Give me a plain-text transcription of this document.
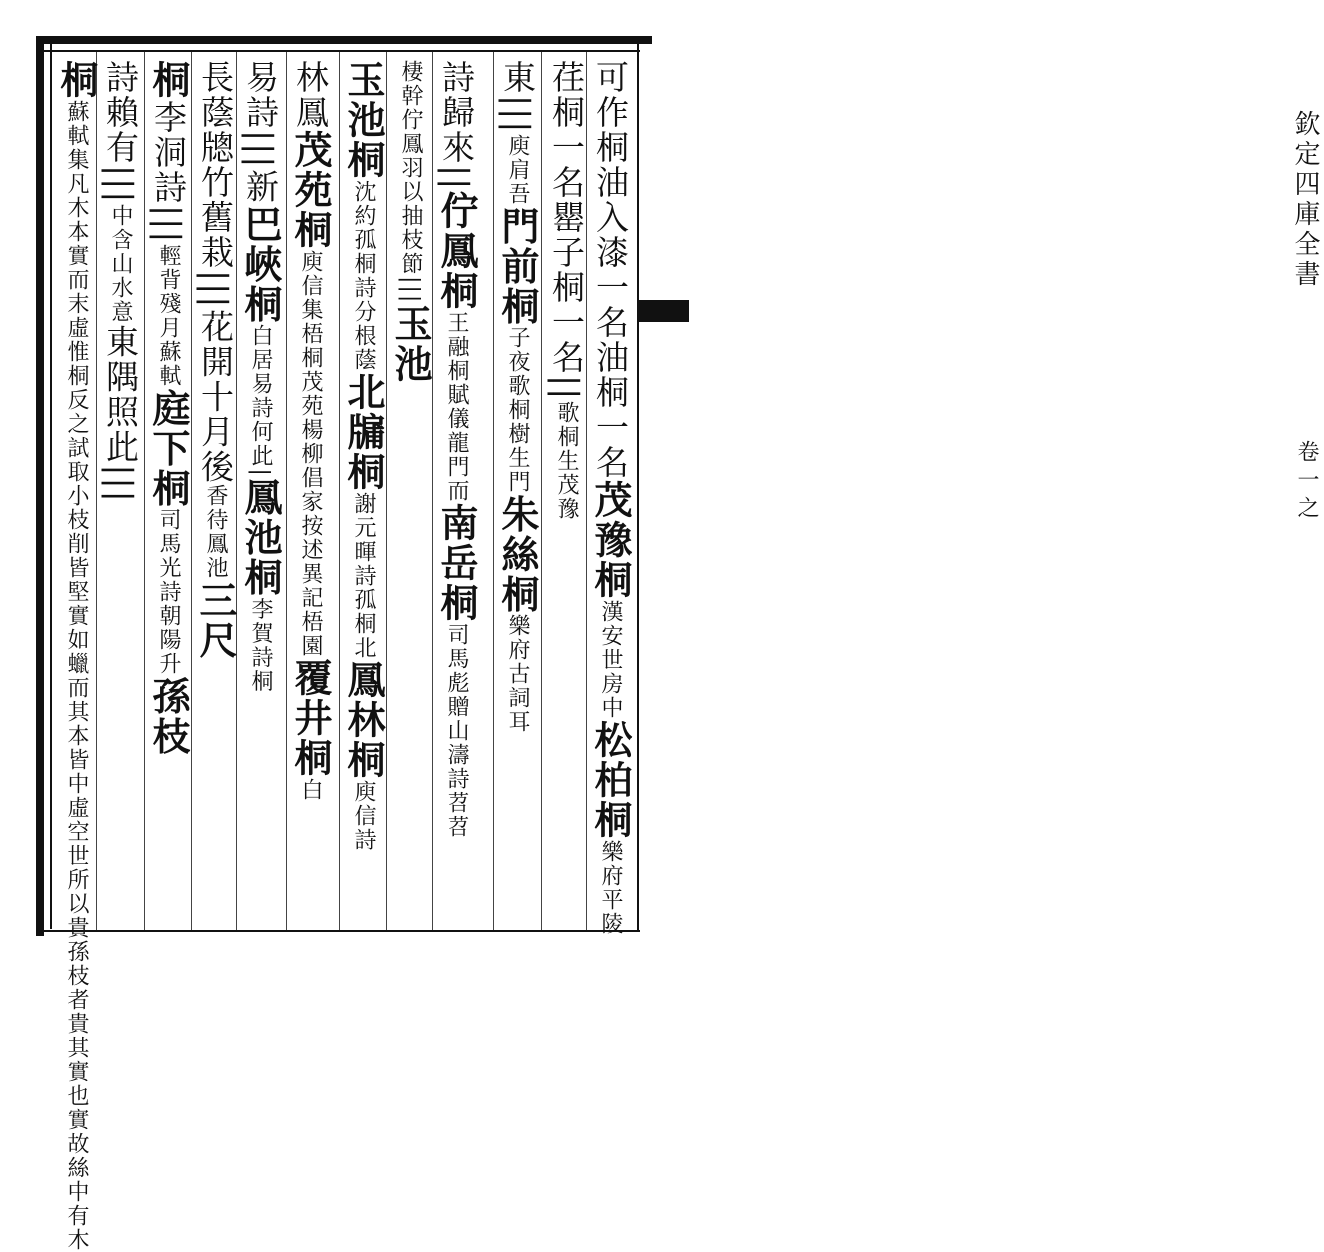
欽定四庫全書
卷一之
可作桐油入漆一名油桐一名茂豫桐漢安世房中松柏桐樂府平陵
荏桐一名罌子桐一名||歌桐生茂豫
東|||庾肩吾門前桐子夜歌桐樹生門朱絲桐樂府古詞耳
詩歸來||佇鳳桐王融桐賦儀龍門而南岳桐司馬彪贈山濤詩苕苕
棲幹佇鳳羽以抽枝節|||玉池
玉池桐沈約孤桐詩分根蔭北牖桐謝元暉詩孤桐北鳳林桐庾信詩
林鳳茂苑桐庾信集梧桐茂苑楊柳倡家按述異記梧園覆井桐白
易詩|||新巴峽桐白居易詩何此|鳳池桐李賀詩桐
長蔭牕竹舊栽|||花開十月後香待鳳池三尺
桐李洞詩|||輕背殘月蘇軾庭下桐司馬光詩朝陽升孫枝
詩賴有|||中含山水意東隅照此|||
桐蘇軾集凡木本實而末虛惟桐反之試取小枝削皆堅實如蠟而其本皆中虛空世所以貴孫枝者貴其實也實故絲中有木
